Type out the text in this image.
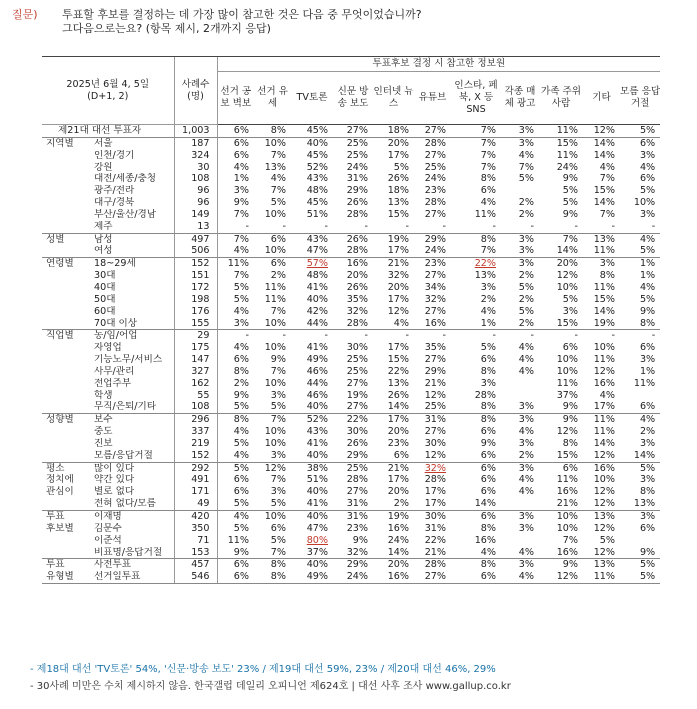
질문)	투표할 후보를 결정하는 데 가장 많이 참고한 것은 다음 중 무엇이었습니까?
그다음으로는요? (항목 제시, 2개까지 응답)
2025년 6월 4, 5일
(D+1, 2)		사례수 (명)	투표후보 결정 시 참고한 정보원										
			선거 공보 벽보	선거 유세	TV토론	신문 방송 보도	인터넷 뉴스	유튜브	인스타, 페북, X 등 SNS	각종 매체 광고	가족 주위 사람	기타	모름 응답 거절
제21대 대선 투표자		1,003	6%	8%	45%	27%	18%	27%	7%	3%	11%	12%	5%
지역별	서울	187	6%	10%	40%	25%	20%	28%	7%	3%	15%	14%	6%
	인천/경기	324	6%	7%	45%	25%	17%	27%	7%	4%	11%	14%	3%
	강원	30	4%	13%	52%	24%	5%	25%	7%	7%	24%	4%	4%
	대전/세종/충청	108	1%	4%	43%	31%	26%	24%	8%	5%	9%	7%	6%
	광주/전라	96	3%	7%	48%	29%	18%	23%	6%		5%	15%	5%
	대구/경북	96	9%	5%	45%	26%	13%	28%	4%	2%	5%	14%	10%
	부산/울산/경남	149	7%	10%	51%	28%	15%	27%	11%	2%	9%	7%	3%
	제주	13	-	-	-	-	-	-	-	-	-	-	-
성별	남성	497	7%	6%	43%	26%	19%	29%	8%	3%	7%	13%	4%
	여성	506	4%	10%	47%	28%	17%	24%	7%	3%	14%	11%	5%
연령별	18~29세	152	11%	6%	57%	16%	21%	23%	22%	3%	20%	3%	1%
	30대	151	7%	2%	48%	20%	32%	27%	13%	2%	12%	8%	1%
	40대	172	5%	11%	41%	26%	20%	34%	3%	5%	10%	11%	4%
	50대	198	5%	11%	40%	35%	17%	32%	2%	2%	5%	15%	5%
	60대	176	4%	7%	42%	32%	12%	27%	4%	5%	3%	14%	9%
	70대 이상	155	3%	10%	44%	28%	4%	16%	1%	2%	15%	19%	8%
직업별	농/임/어업	29	-	-	-	-	-	-	-	-	-	-	-
	자영업	175	4%	10%	41%	30%	17%	35%	5%	4%	6%	10%	6%
	기능노무/서비스	147	6%	9%	49%	25%	15%	27%	6%	4%	10%	11%	3%
	사무/관리	327	8%	7%	46%	25%	22%	29%	8%	4%	10%	12%	1%
	전업주부	162	2%	10%	44%	27%	13%	21%	3%		11%	16%	11%
	학생	55	9%	3%	46%	19%	26%	12%	28%		37%	4%	
	무직/은퇴/기타	108	5%	5%	40%	27%	14%	25%	8%	3%	9%	17%	6%
성향별	보수	296	8%	7%	52%	22%	17%	31%	8%	3%	9%	11%	4%
	중도	337	4%	10%	43%	30%	20%	27%	6%	4%	12%	11%	2%
	진보	219	5%	10%	41%	26%	23%	30%	9%	3%	8%	14%	3%
	모름/응답거절	152	4%	3%	40%	29%	6%	12%	6%	2%	15%	12%	14%
평소	많이 있다	292	5%	12%	38%	25%	21%	32%	6%	3%	6%	16%	5%
정치에	약간 있다	491	6%	7%	51%	28%	17%	28%	6%	4%	11%	10%	3%
관심이	별로 없다	171	6%	3%	40%	27%	20%	17%	6%	4%	16%	12%	8%
	전혀 없다/모름	49	5%	5%	41%	31%	2%	17%	14%		21%	12%	13%
투표	이재명	420	4%	10%	40%	31%	19%	30%	6%	3%	10%	13%	3%
후보별	김문수	350	5%	6%	47%	23%	16%	31%	8%	3%	10%	12%	6%
	이준석	71	11%	5%	80%	9%	24%	22%	16%		7%	5%	
	비표명/응답거절	153	9%	7%	37%	32%	14%	21%	4%	4%	16%	12%	9%
투표	사전투표	457	6%	8%	40%	29%	20%	28%	8%	3%	9%	13%	5%
유형별	선거일투표	546	6%	8%	49%	24%	16%	27%	6%	4%	12%	11%	5%
- 제18대 대선 'TV토론' 54%, '신문·방송 보도' 23% / 제19대 대선 59%, 23% / 제20대 대선 46%, 29%
- 30사례 미만은 수치 제시하지 않음. 한국갤럽 데일리 오피니언 제624호 | 대선 사후 조사 www.gallup.co.kr
